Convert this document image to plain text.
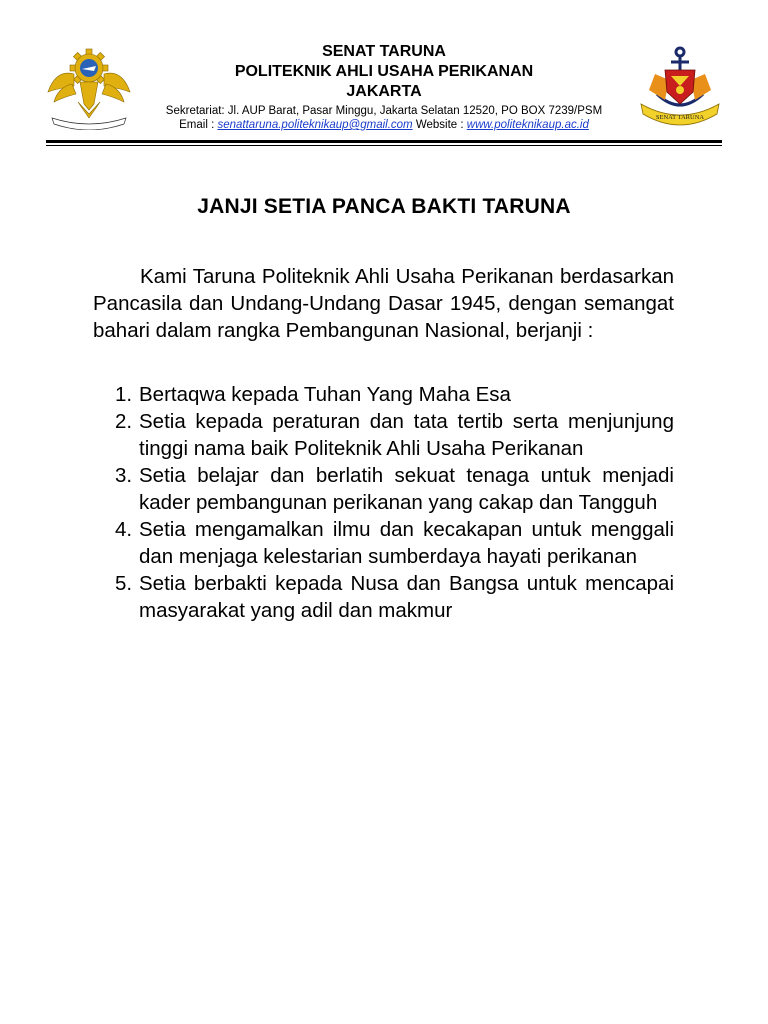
SENAT TARUNA
POLITEKNIK AHLI USAHA PERIKANAN
JAKARTA
Sekretariat: Jl. AUP Barat, Pasar Minggu, Jakarta Selatan 12520, PO BOX 7239/PSM
Email : senattaruna.politeknikaup@gmail.com Website : www.politeknikaup.ac.id
SENAT TARUNA
JANJI SETIA PANCA BAKTI TARUNA

Kami Taruna Politeknik Ahli Usaha Perikanan berdasarkan Pancasila dan Undang-Undang Dasar 1945, dengan semangat bahari dalam rangka Pembangunan Nasional, berjanji :

1. Bertaqwa kepada Tuhan Yang Maha Esa
2. Setia kepada peraturan dan tata tertib serta menjunjung tinggi nama baik Politeknik Ahli Usaha Perikanan
3. Setia belajar dan berlatih sekuat tenaga untuk menjadi kader pembangunan perikanan yang cakap dan Tangguh
4. Setia mengamalkan ilmu dan kecakapan untuk menggali dan menjaga kelestarian sumberdaya hayati perikanan
5. Setia berbakti kepada Nusa dan Bangsa untuk mencapai masyarakat yang adil dan makmur
